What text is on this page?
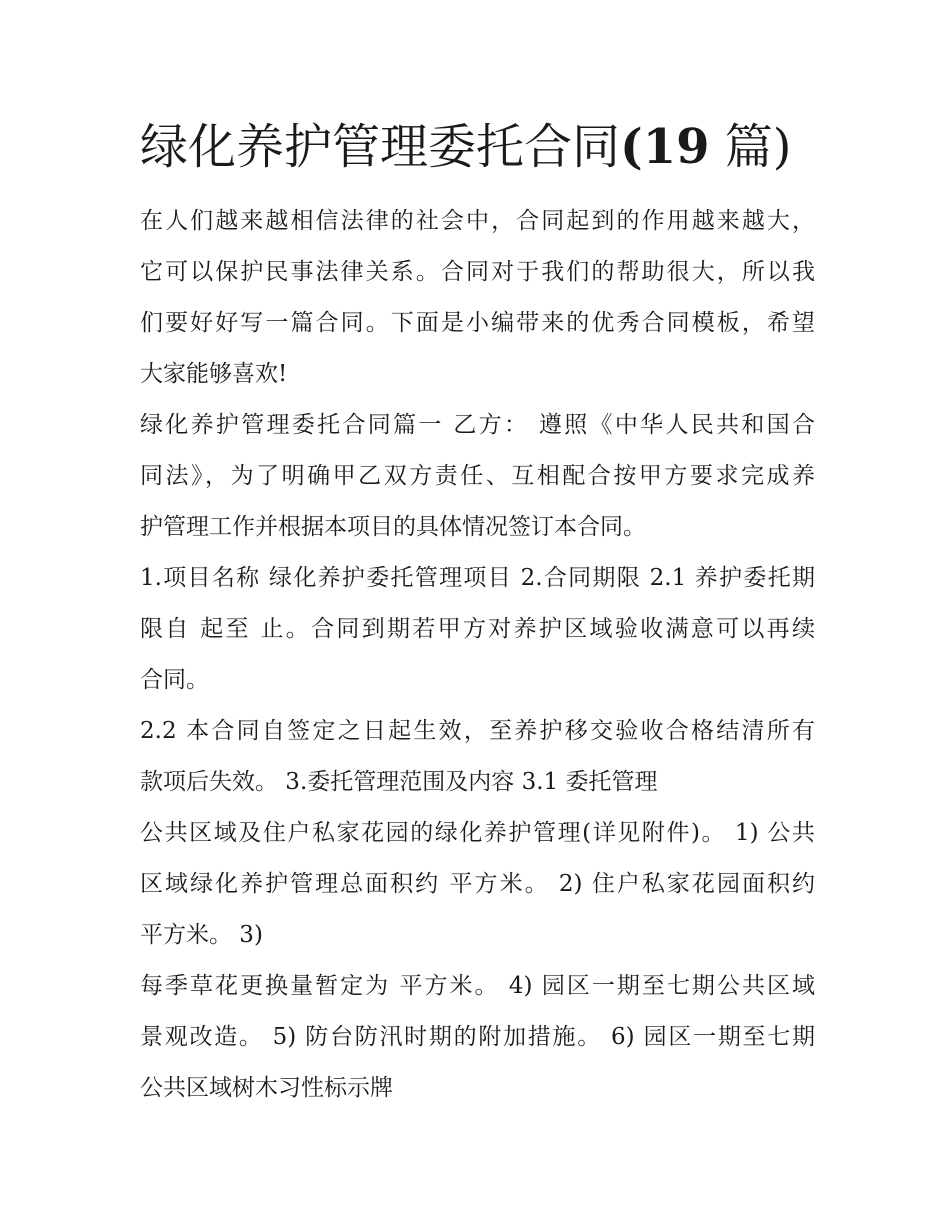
绿化养护管理委托合同(19 篇)

在人们越来越相信法律的社会中，合同起到的作用越来越大，
它可以保护民事法律关系。合同对于我们的帮助很大，所以我
们要好好写一篇合同。下面是小编带来的优秀合同模板，希望
大家能够喜欢!

绿化养护管理委托合同篇一 乙方： 遵照《中华人民共和国合
同法》，为了明确甲乙双方责任、互相配合按甲方要求完成养
护管理工作并根据本项目的具体情况签订本合同。

1.项目名称 绿化养护委托管理项目 2.合同期限 2.1 养护委托期
限自 起至 止。合同到期若甲方对养护区域验收满意可以再续
合同。

2.2 本合同自签定之日起生效，至养护移交验收合格结清所有
款项后失效。 3.委托管理范围及内容 3.1 委托管理

公共区域及住户私家花园的绿化养护管理(详见附件)。 1) 公共
区域绿化养护管理总面积约 平方米。 2) 住户私家花园面积约
平方米。 3)

每季草花更换量暂定为 平方米。 4) 园区一期至七期公共区域
景观改造。 5) 防台防汛时期的附加措施。 6) 园区一期至七期
公共区域树木习性标示牌
